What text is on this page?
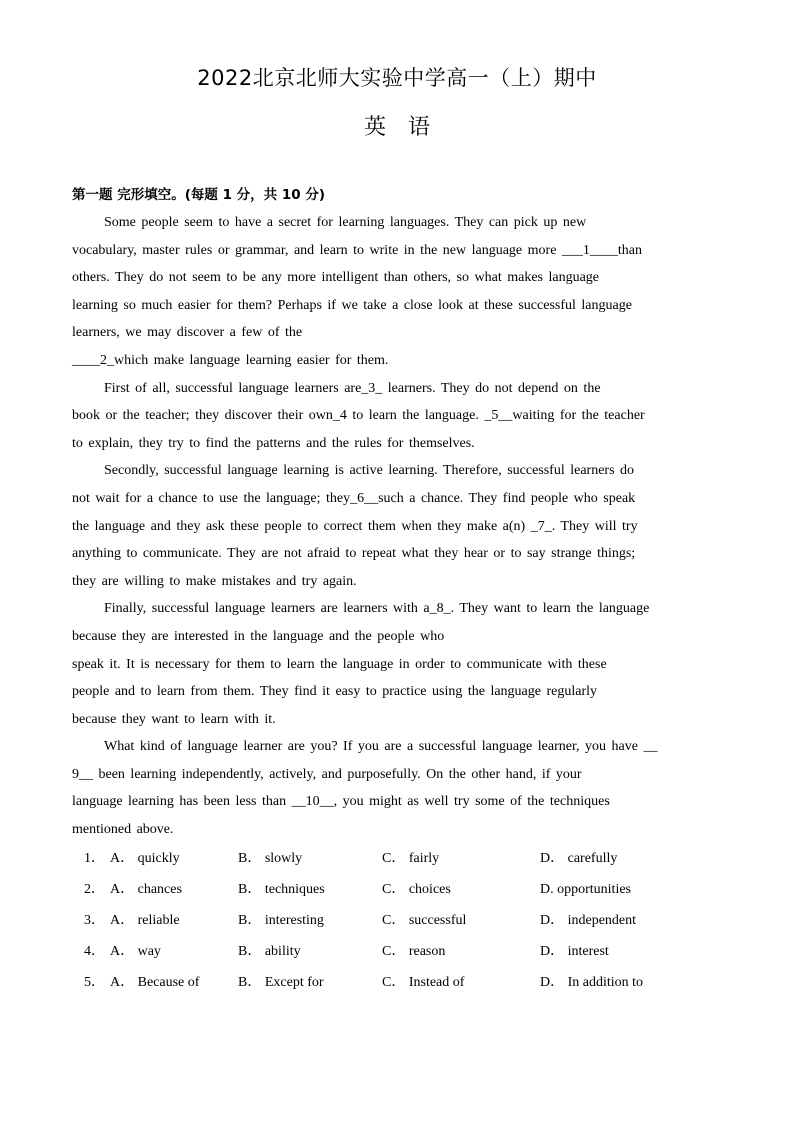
2022北京北师大实验中学高一（上）期中
英　语
第一题 完形填空。(每题 1 分，共 10 分)
Some people seem to have a secret for learning languages. They can pick up new
vocabulary, master rules or grammar, and learn to write in the new language more ___1____than
others. They do not seem to be any more intelligent than others, so what makes language
learning so much easier for them? Perhaps if we take a close look at these successful language
learners, we may discover a few of the
____2_which make language learning easier for them.
First of all, successful language learners are_3_ learners. They do not depend on the
book or the teacher; they discover their own_4 to learn the language. _5__waiting for the teacher
to explain, they try to find the patterns and the rules for themselves.
Secondly, successful language learning is active learning. Therefore, successful learners do
not wait for a chance to use the language; they_6__such a chance. They find people who speak
the language and they ask these people to correct them when they make a(n) _7_. They will try
anything to communicate. They are not afraid to repeat what they hear or to say strange things;
they are willing to make mistakes and try again.
Finally, successful language learners are learners with a_8_. They want to learn the language
because they are interested in the language and the people who
speak it. It is necessary for them to learn the language in order to communicate with these
people and to learn from them. They find it easy to practice using the language regularly
because they want to learn with it.
What kind of language learner are you? If you are a successful language learner, you have __
9__ been learning independently, actively, and purposefully. On the other hand, if your
language learning has been less than __10__, you might as well try some of the techniques
mentioned above.
1． A． quickly	B． slowly	C． fairly	D． carefully
2． A． chances	B． techniques	C． choices	D. opportunities
3． A． reliable	B． interesting	C． successful	D． independent
4． A． way	B． ability	C． reason	D． interest
5． A． Because of	B． Except for	C． Instead of	D． In addition to
